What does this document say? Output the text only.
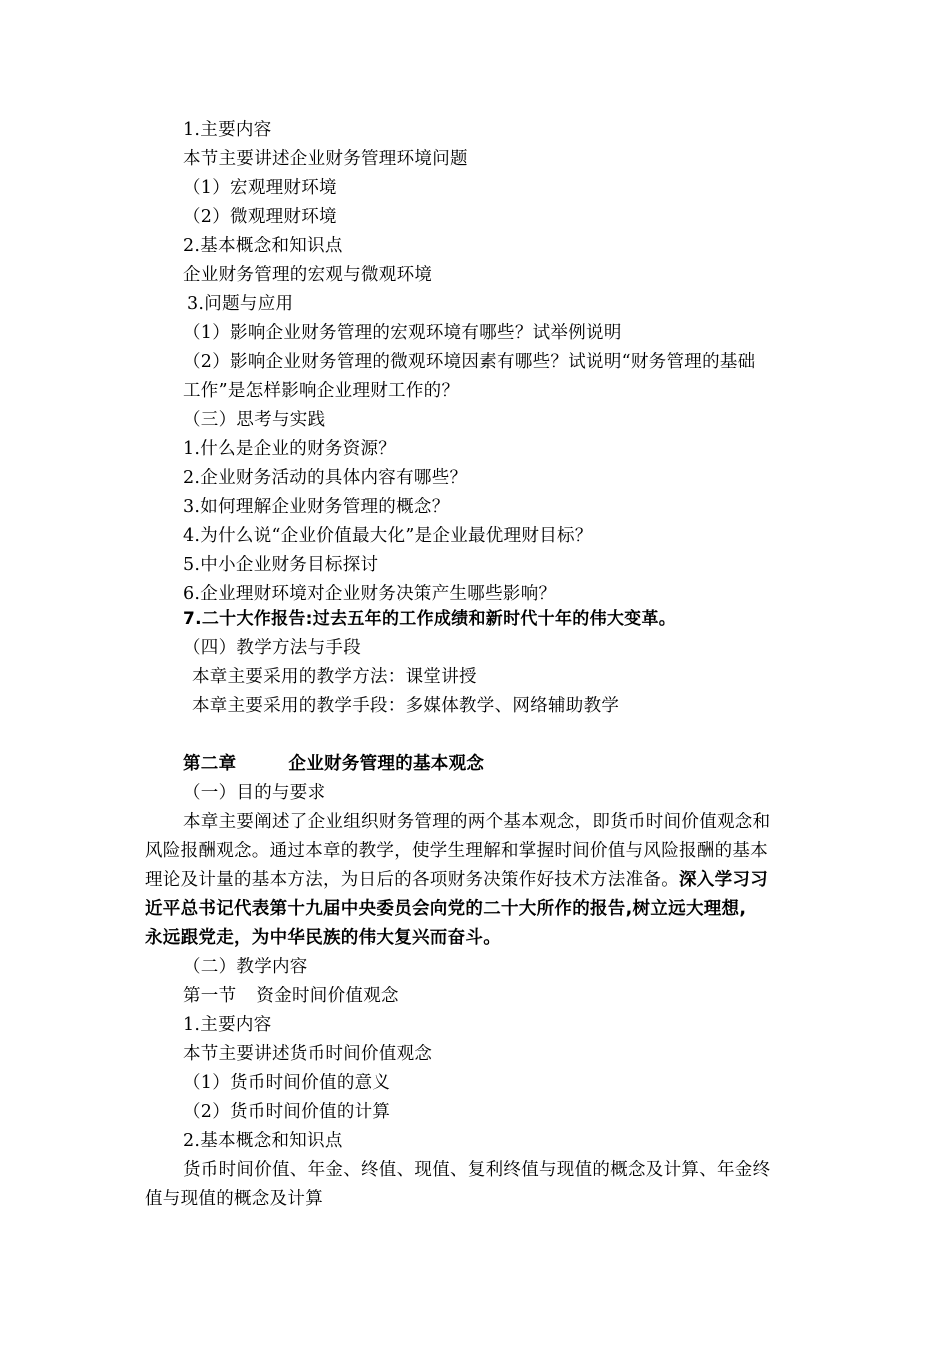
1.主要内容
本节主要讲述企业财务管理环境问题
（1）宏观理财环境
（2）微观理财环境
2.基本概念和知识点
企业财务管理的宏观与微观环境
3.问题与应用
（1）影响企业财务管理的宏观环境有哪些？试举例说明
（2）影响企业财务管理的微观环境因素有哪些？试说明“财务管理的基础
工作”是怎样影响企业理财工作的？
（三）思考与实践
1.什么是企业的财务资源？
2.企业财务活动的具体内容有哪些？
3.如何理解企业财务管理的概念？
4.为什么说“企业价值最大化”是企业最优理财目标？
5.中小企业财务目标探讨
6.企业理财环境对企业财务决策产生哪些影响？
7.二十大作报告:过去五年的工作成绩和新时代十年的伟大变革。
（四）教学方法与手段
本章主要采用的教学方法：课堂讲授
本章主要采用的教学手段：多媒体教学、网络辅助教学
第二章	企业财务管理的基本观念
（一）目的与要求
本章主要阐述了企业组织财务管理的两个基本观念，即货币时间价值观念和
风险报酬观念。通过本章的教学，使学生理解和掌握时间价值与风险报酬的基本
理论及计量的基本方法，为日后的各项财务决策作好技术方法准备。深入学习习
近平总书记代表第十九届中央委员会向党的二十大所作的报告,树立远大理想,
永远跟党走，为中华民族的伟大复兴而奋斗。
（二）教学内容
第一节 资金时间价值观念
1.主要内容
本节主要讲述货币时间价值观念
（1）货币时间价值的意义
（2）货币时间价值的计算
2.基本概念和知识点
货币时间价值、年金、终值、现值、复利终值与现值的概念及计算、年金终
值与现值的概念及计算
